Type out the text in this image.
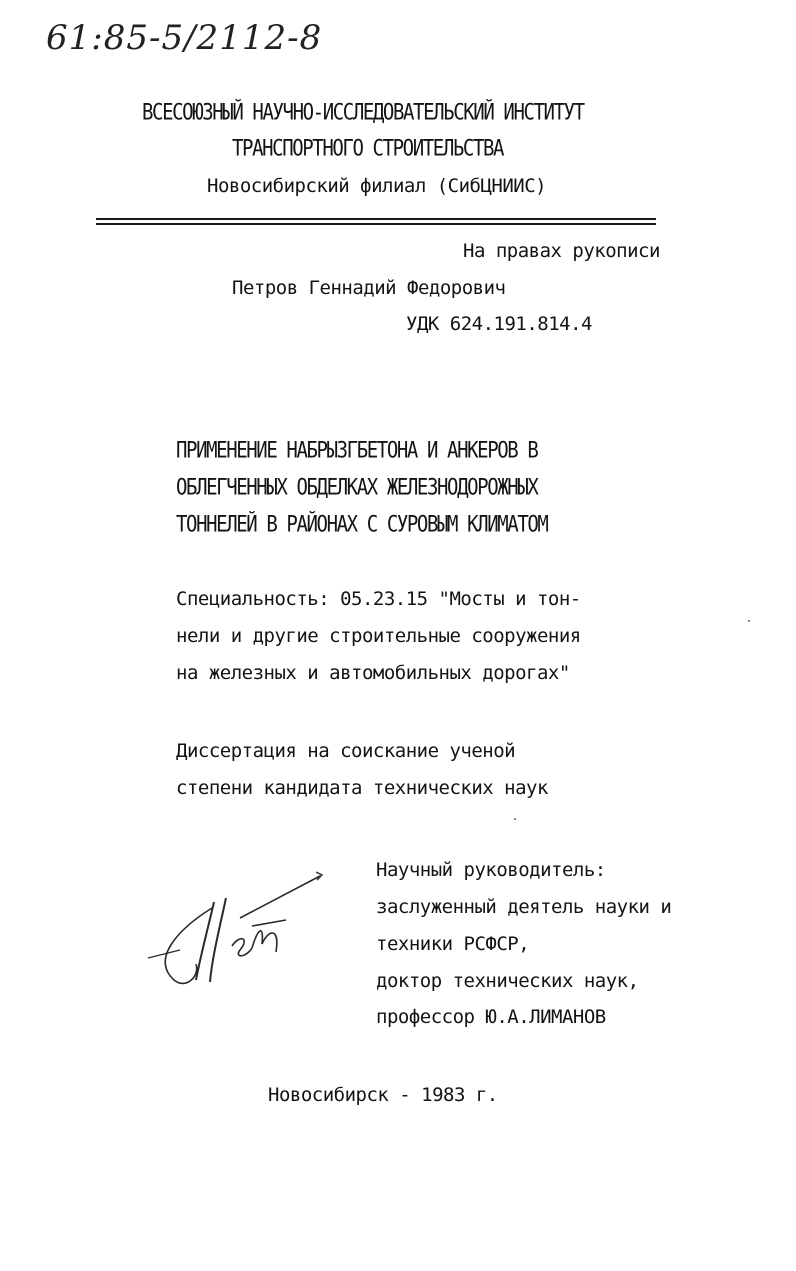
61:85-5/2112-8
ВСЕСОЮЗНЫЙ НАУЧНО-ИССЛЕДОВАТЕЛЬСКИЙ ИНСТИТУТ
ТРАНСПОРТНОГО СТРОИТЕЛЬСТВА
Новосибирский филиал (СибЦНИИС)
На правах рукописи
Петров Геннадий Федорович
УДК 624.191.814.4
ПРИМЕНЕНИЕ НАБРЫЗГБЕТОНА И АНКЕРОВ В
ОБЛЕГЧЕННЫХ ОБДЕЛКАХ ЖЕЛЕЗНОДОРОЖНЫХ
ТОННЕЛЕЙ В РАЙОНАХ С СУРОВЫМ КЛИМАТОМ
Специальность: 05.23.15 "Мосты и тон-
нели и другие строительные сооружения
на железных и автомобильных дорогах"
Диссертация на соискание ученой
степени кандидата технических наук
Научный руководитель:
заслуженный деятель науки и
техники РСФСР,
доктор технических наук,
профессор Ю.А.ЛИМАНОВ
Новосибирск - 1983 г.
